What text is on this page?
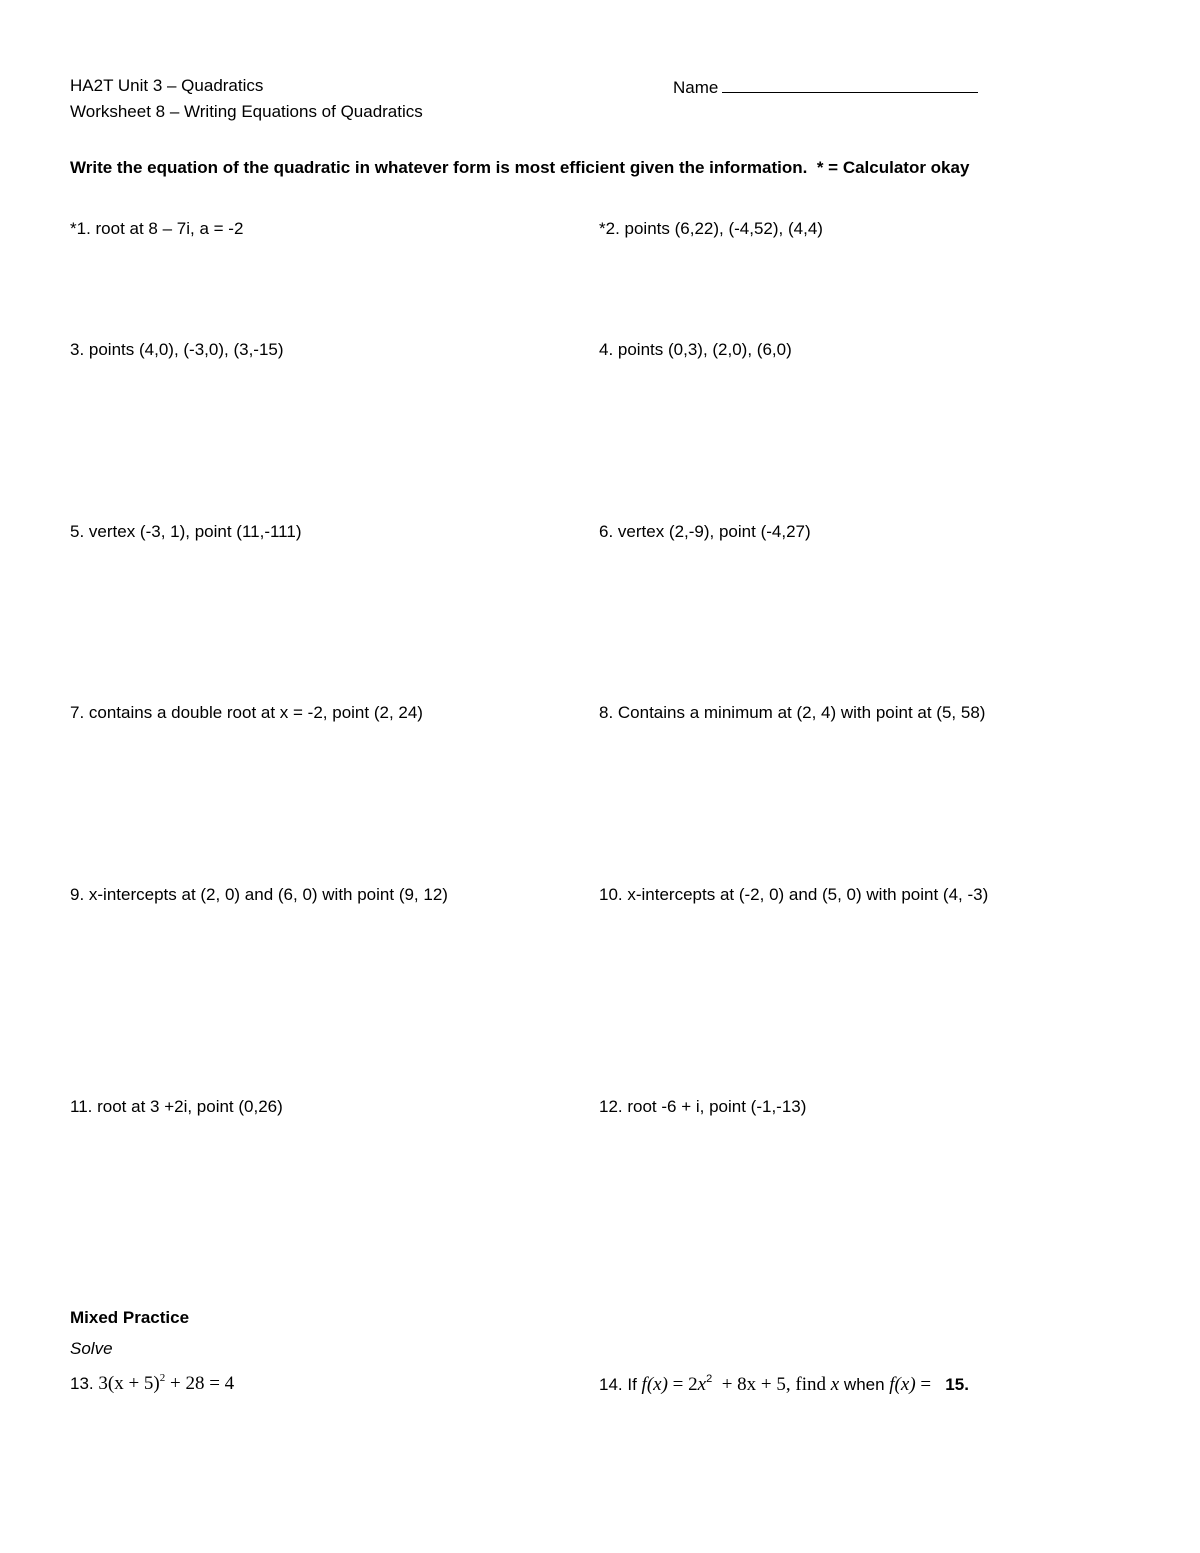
HA2T Unit 3 – Quadratics
Worksheet 8 – Writing Equations of Quadratics
Name
Write the equation of the quadratic in whatever form is most efficient given the information.  * = Calculator okay
*1. root at 8 – 7i, a = -2	*2. points (6,22), (-4,52), (4,4)
3. points (4,0), (-3,0), (3,-15)	4. points (0,3), (2,0), (6,0)
5. vertex (-3, 1), point (11,-111)	6. vertex (2,-9), point (-4,27)
7. contains a double root at x = -2, point (2, 24)	8. Contains a minimum at (2, 4) with point at (5, 58)
9. x-intercepts at (2, 0) and (6, 0) with point (9, 12)	10. x-intercepts at (-2, 0) and (5, 0) with point (4, -3)
11. root at 3 +2i, point (0,26)	12. root -6 + i, point (-1,-13)
Mixed Practice
Solve
13. $3(x + 5)^2 + 28 = 4$	14. If $f(x) = 2x^2 + 8x + 5$, find x when f(x) = 15.
